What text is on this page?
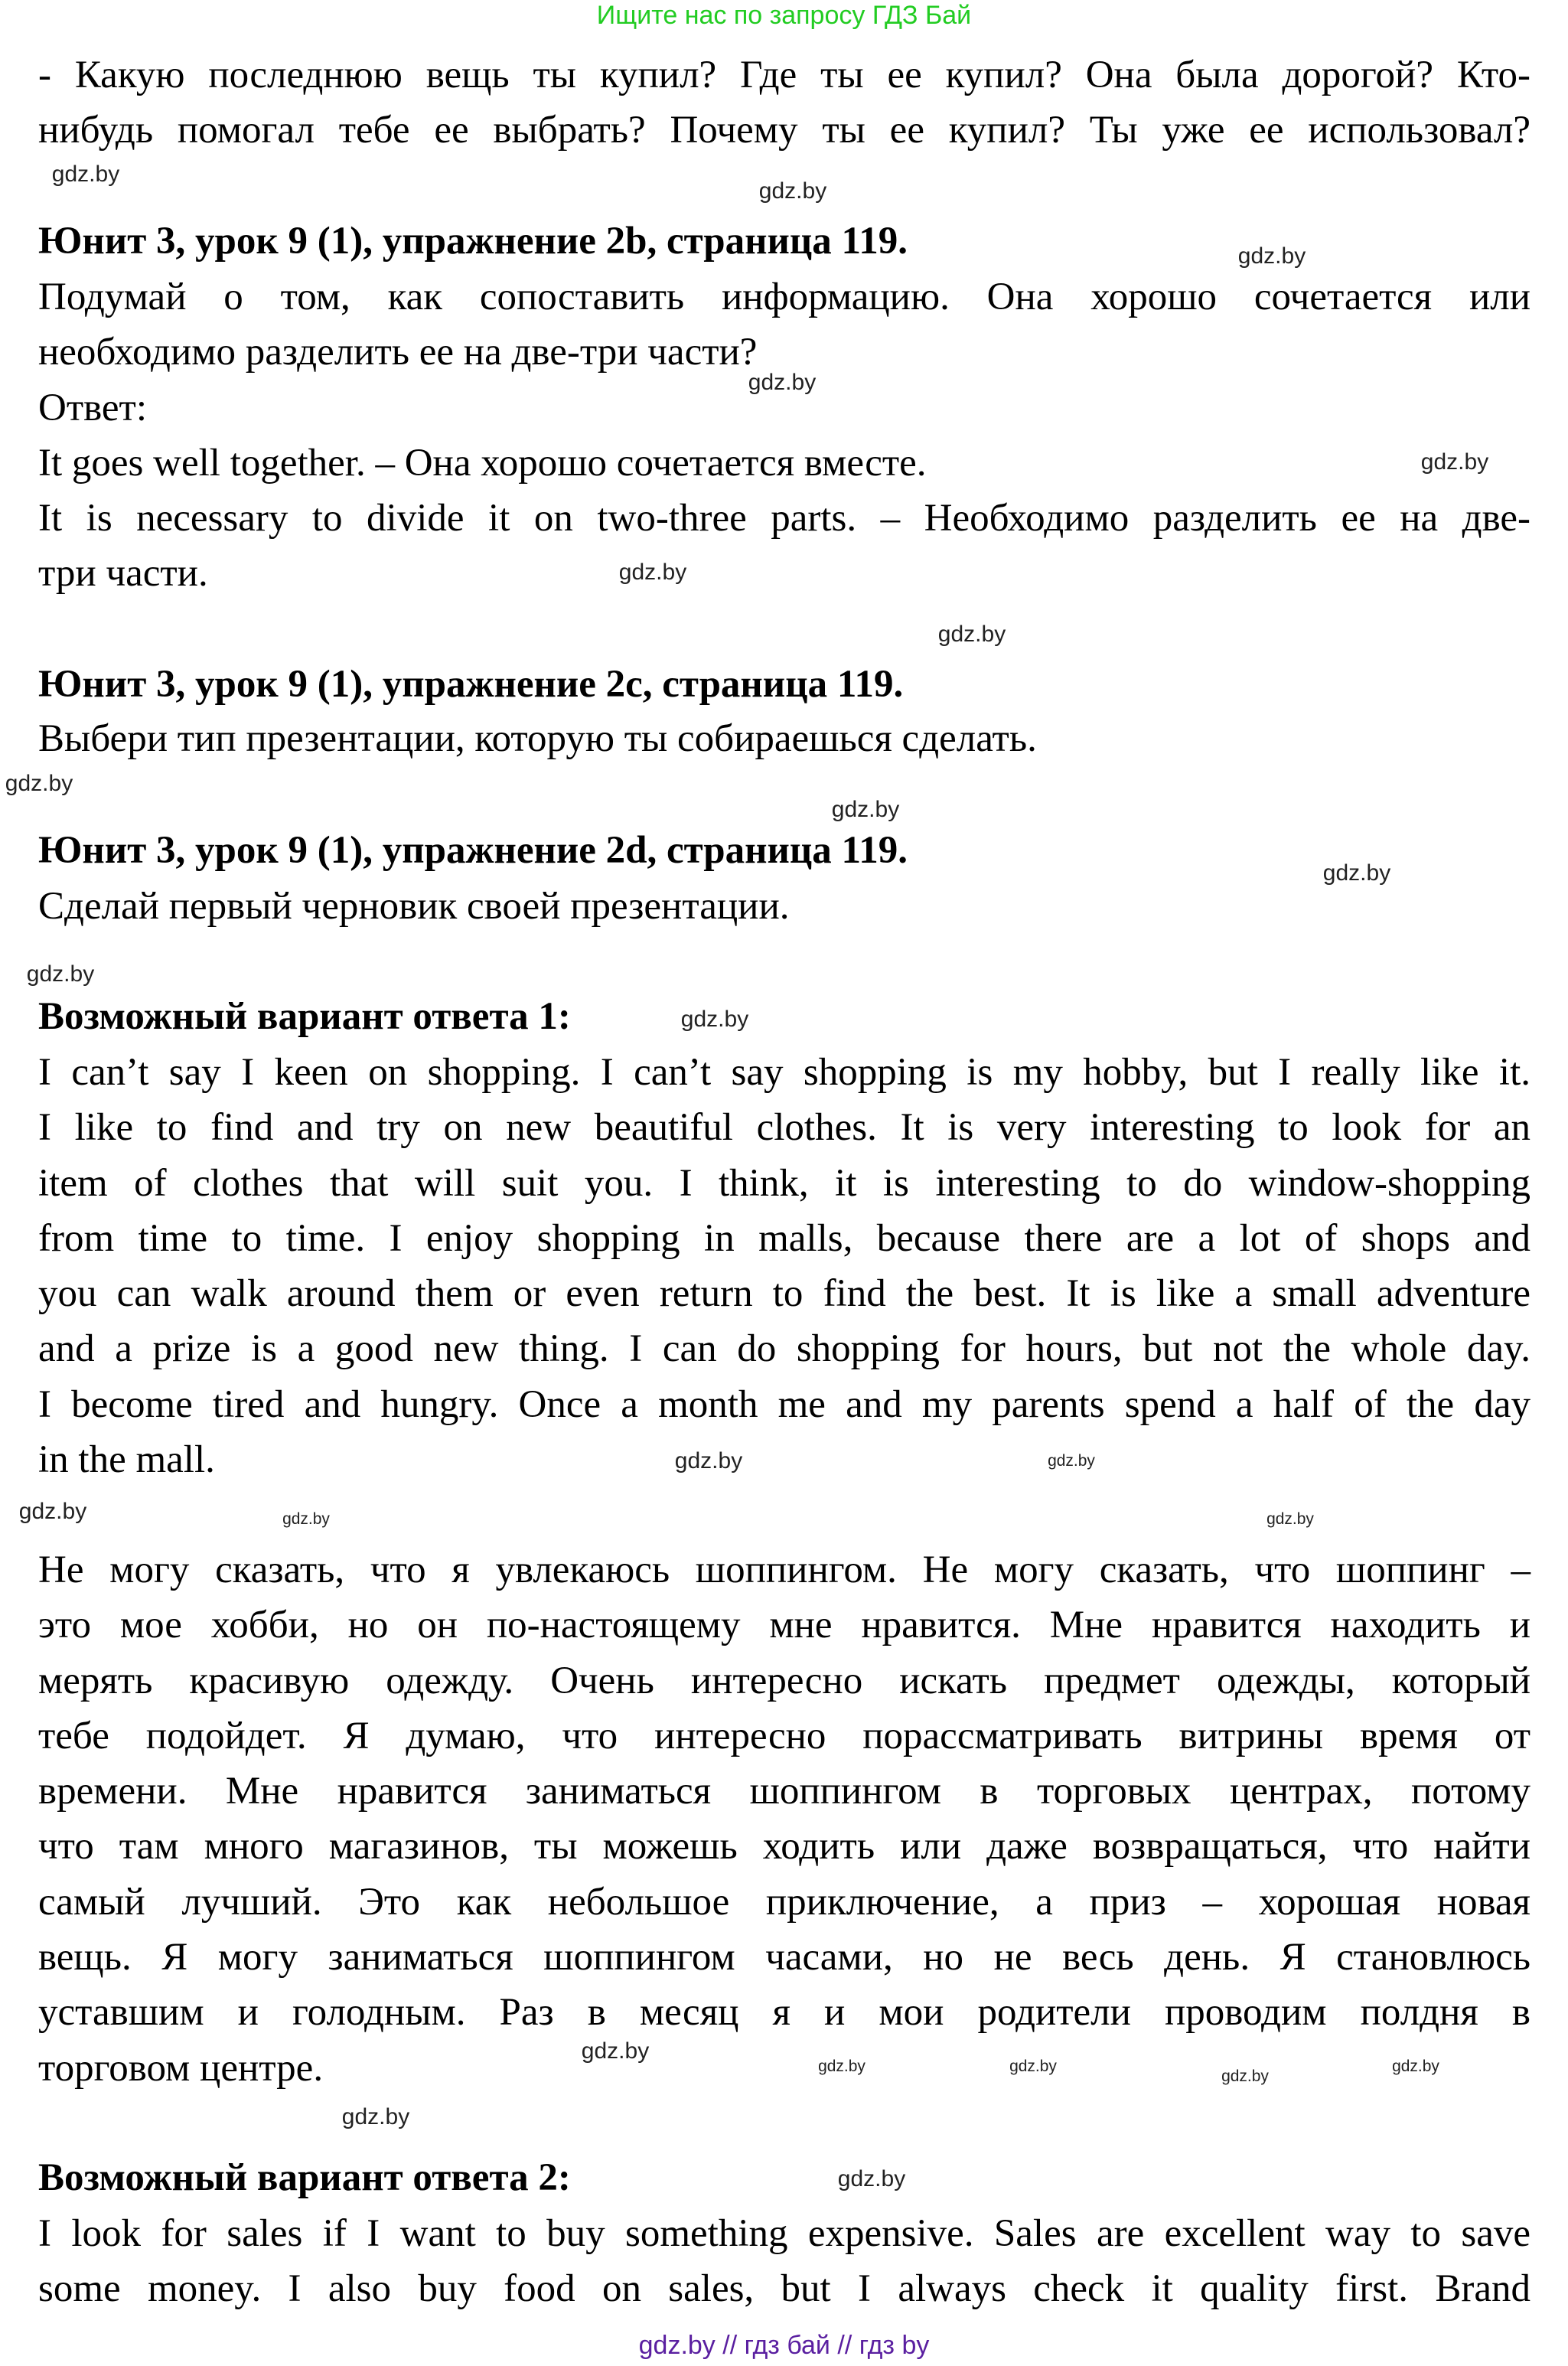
Ищите нас по запросу ГДЗ Бай
- Какую последнюю вещь ты купил? Где ты ее купил? Она была дорогой? Кто-
нибудь помогал тебе ее выбрать? Почему ты ее купил? Ты уже ее использовал?
Юнит 3, урок 9 (1), упражнение 2b, страница 119.
Подумай о том, как сопоставить информацию. Она хорошо сочетается или
необходимо разделить ее на две-три части?
Ответ:
It goes well together. – Она хорошо сочетается вместе.
It is necessary to divide it on two-three parts. – Необходимо разделить ее на две-
три части.
Юнит 3, урок 9 (1), упражнение 2c, страница 119.
Выбери тип презентации, которую ты собираешься сделать.
Юнит 3, урок 9 (1), упражнение 2d, страница 119.
Сделай первый черновик своей презентации.
Возможный вариант ответа 1:
I can’t say I keen on shopping. I can’t say shopping is my hobby, but I really like it.
I like to find and try on new beautiful clothes. It is very interesting to look for an
item of clothes that will suit you. I think, it is interesting to do window-shopping
from time to time. I enjoy shopping in malls, because there are a lot of shops and
you can walk around them or even return to find the best. It is like a small adventure
and a prize is a good new thing. I can do shopping for hours, but not the whole day.
I become tired and hungry. Once a month me and my parents spend a half of the day
in the mall.
Не могу сказать, что я увлекаюсь шоппингом. Не могу сказать, что шоппинг –
это мое хобби, но он по-настоящему мне нравится. Мне нравится находить и
мерять красивую одежду. Очень интересно искать предмет одежды, который
тебе подойдет. Я думаю, что интересно порассматривать витрины время от
времени. Мне нравится заниматься шоппингом в торговых центрах, потому
что там много магазинов, ты можешь ходить или даже возвращаться, что найти
самый лучший. Это как небольшое приключение, а приз – хорошая новая
вещь. Я могу заниматься шоппингом часами, но не весь день. Я становлюсь
уставшим и голодным. Раз в месяц я и мои родители проводим полдня в
торговом центре.
Возможный вариант ответа 2:
I look for sales if I want to buy something expensive. Sales are excellent way to save
some money. I also buy food on sales, but I always check it quality first. Brand
gdz.by
gdz.by
gdz.by
gdz.by
gdz.by
gdz.by
gdz.by
gdz.by
gdz.by
gdz.by
gdz.by
gdz.by
gdz.by
gdz.by
gdz.by	gdz.by
gdz.by
gdz.by	gdz.by
gdz.by
gdz.by
gdz.by
gdz.by
gdz.by
gdz.by // гдз бай // гдз by
